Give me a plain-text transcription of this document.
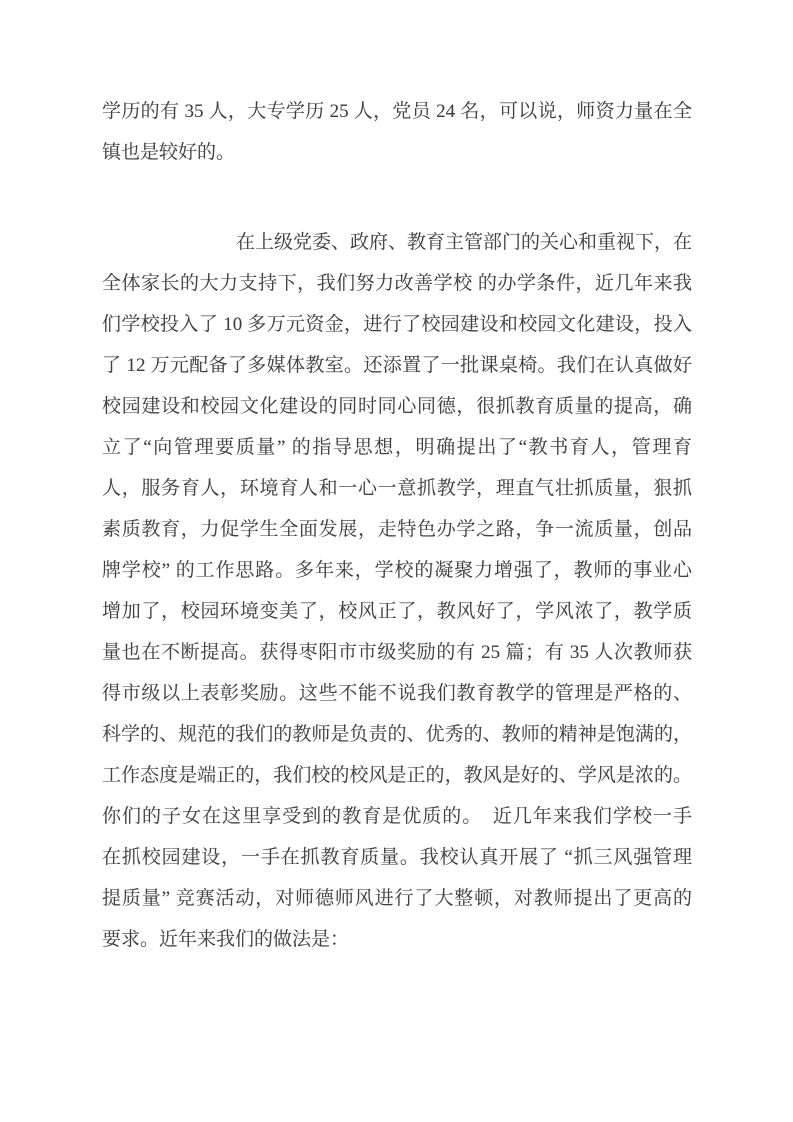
学历的有 35 人，大专学历 25 人，党员 24 名，可以说，师资力量在全
镇也是较好的。
在上级党委、政府、教育主管部门的关心和重视下，在
全体家长的大力支持下，我们努力改善学校 的办学条件，近几年来我
们学校投入了 10 多万元资金，进行了校园建设和校园文化建设，投入
了 12 万元配备了多媒体教室。还添置了一批课桌椅。我们在认真做好
校园建设和校园文化建设的同时同心同德，很抓教育质量的提高，确
立了“向管理要质量” 的指导思想，明确提出了“教书育人，管理育
人，服务育人，环境育人和一心一意抓教学，理直气壮抓质量，狠抓
素质教育，力促学生全面发展，走特色办学之路，争一流质量，创品
牌学校” 的工作思路。多年来，学校的凝聚力增强了，教师的事业心
增加了，校园环境变美了，校风正了，教风好了，学风浓了，教学质
量也在不断提高。获得枣阳市市级奖励的有 25 篇；有 35 人次教师获
得市级以上表彰奖励。这些不能不说我们教育教学的管理是严格的、
科学的、规范的我们的教师是负责的、优秀的、教师的精神是饱满的，
工作态度是端正的，我们校的校风是正的，教风是好的、学风是浓的。
你们的子女在这里享受到的教育是优质的。　近几年来我们学校一手
在抓校园建设，一手在抓教育质量。我校认真开展了 “抓三风强管理
提质量” 竞赛活动，对师德师风进行了大整顿，对教师提出了更高的
要求。近年来我们的做法是：
